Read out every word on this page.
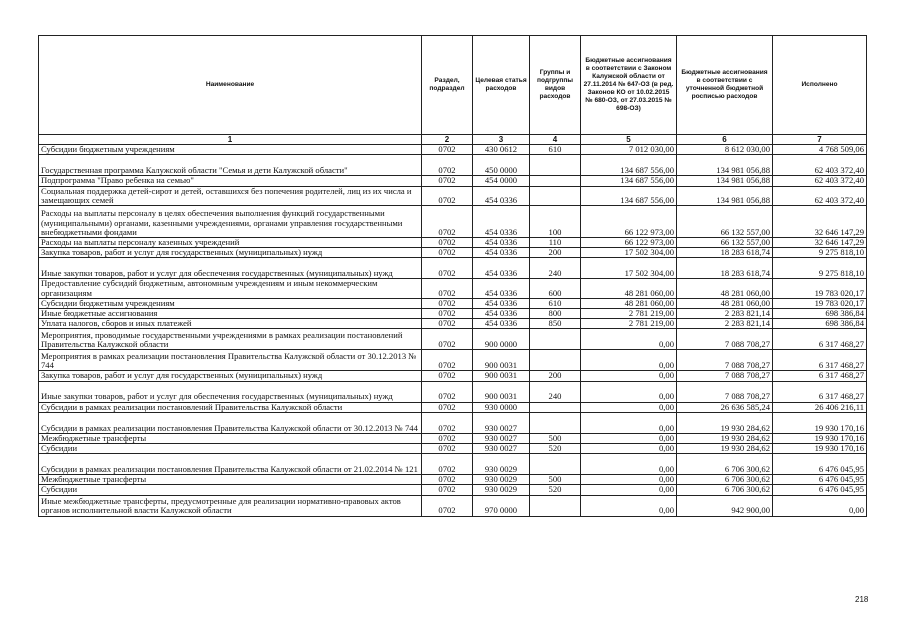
Наименование	Раздел, подраздел	Целевая статья расходов	Группы и подгруппы видов расходов	Бюджетные ассигнования в соответствии с Законом Калужской области от 27.11.2014 № 647-ОЗ (в ред. Законов КО от 10.02.2015 № 680-ОЗ, от 27.03.2015 № 698-ОЗ)	Бюджетные ассигнования в соответствии с уточненной бюджетной росписью расходов	Исполнено
1	2	3	4	5	6	7
Субсидии бюджетным учреждениям	0702	430 0612	610	7 012 030,00	8 612 030,00	4 768 509,06
Государственная программа Калужской области "Семья и дети Калужской области"	0702	450 0000		134 687 556,00	134 981 056,88	62 403 372,40
Подпрограмма "Право ребенка на семью"	0702	454 0000		134 687 556,00	134 981 056,88	62 403 372,40
Социальная поддержка детей-сирот и детей, оставшихся без попечения родителей, лиц из их числа и замещающих семей	0702	454 0336		134 687 556,00	134 981 056,88	62 403 372,40
Расходы на выплаты персоналу в целях обеспечения выполнения функций государственными (муниципальными) органами, казенными учреждениями, органами управления государственными внебюджетными фондами	0702	454 0336	100	66 122 973,00	66 132 557,00	32 646 147,29
Расходы на выплаты персоналу казенных учреждений	0702	454 0336	110	66 122 973,00	66 132 557,00	32 646 147,29
Закупка товаров, работ и услуг для государственных (муниципальных) нужд	0702	454 0336	200	17 502 304,00	18 283 618,74	9 275 818,10
Иные закупки товаров, работ и услуг для обеспечения государственных (муниципальных) нужд	0702	454 0336	240	17 502 304,00	18 283 618,74	9 275 818,10
Предоставление субсидий бюджетным, автономным учреждениям и иным некоммерческим организациям	0702	454 0336	600	48 281 060,00	48 281 060,00	19 783 020,17
Субсидии бюджетным учреждениям	0702	454 0336	610	48 281 060,00	48 281 060,00	19 783 020,17
Иные бюджетные ассигнования	0702	454 0336	800	2 781 219,00	2 283 821,14	698 386,84
Уплата налогов, сборов и иных платежей	0702	454 0336	850	2 781 219,00	2 283 821,14	698 386,84
Мероприятия, проводимые государственными учреждениями в рамках реализации постановлений Правительства Калужской области	0702	900 0000		0,00	7 088 708,27	6 317 468,27
Мероприятия в рамках реализации постановления Правительства Калужской области от 30.12.2013 № 744	0702	900 0031		0,00	7 088 708,27	6 317 468,27
Закупка товаров, работ и услуг для государственных (муниципальных) нужд	0702	900 0031	200	0,00	7 088 708,27	6 317 468,27
Иные закупки товаров, работ и услуг для обеспечения государственных (муниципальных) нужд	0702	900 0031	240	0,00	7 088 708,27	6 317 468,27
Субсидии в рамках реализации постановлений Правительства Калужской области	0702	930 0000		0,00	26 636 585,24	26 406 216,11
Субсидии в рамках реализации постановления Правительства Калужской области от 30.12.2013 № 744	0702	930 0027		0,00	19 930 284,62	19 930 170,16
Межбюджетные трансферты	0702	930 0027	500	0,00	19 930 284,62	19 930 170,16
Субсидии	0702	930 0027	520	0,00	19 930 284,62	19 930 170,16
Субсидии в рамках реализации постановления Правительства Калужской области от 21.02.2014 № 121	0702	930 0029		0,00	6 706 300,62	6 476 045,95
Межбюджетные трансферты	0702	930 0029	500	0,00	6 706 300,62	6 476 045,95
Субсидии	0702	930 0029	520	0,00	6 706 300,62	6 476 045,95
Иные межбюджетные трансферты, предусмотренные для реализации нормативно-правовых актов органов исполнительной власти Калужской области	0702	970 0000		0,00	942 900,00	0,00
218
